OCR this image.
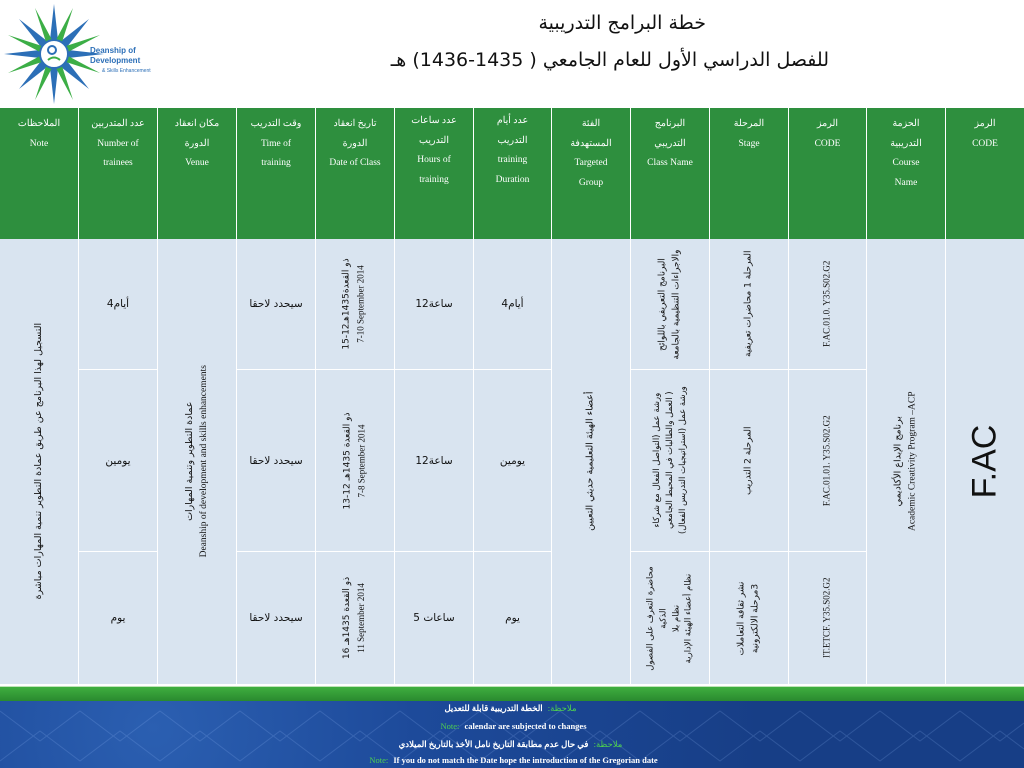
Deanship of Development
& Skills Enhancement
خطة البرامج التدريبية
للفصل الدراسي الأول للعام الجامعي ( 1435-1436) هـ
الملاحظات
Note
عدد المتدربين
Number of trainees
مكان انعقاد الدورة
Venue
وقت التدريب
Time of training
تاريخ انعقاد الدورة
Date of Class
عدد ساعات التدريب
Hours of training
عدد أيام التدريب
training Duration
الفئة المستهدفة
Targeted Group
البرنامج التدريبي
Class Name
المرحلة
Stage
الرمز
CODE
الحزمة التدريبية
Course Name
الرمز
CODE
التسجيل لهذا البرنامج عن طريق عمادة التطوير تنمية المهارات مباشرة
4أيام
يومين
يوم
عمادة التطوير وتنمية المهارات Deanship of development and skills enhancements
سيحدد لاحقا
سيحدد لاحقا
سيحدد لاحقا
15-12ذو القعدة1435هـ 7-10 September 2014
13-12 ذو القعدة 1435هـ 7-8 September 2014
16 ذو القعدة 1435هـ 11 September 2014
12ساعة
12ساعة
5 ساعات
4أيام
يومين
يوم
أعضاء الهيئة التعليمية حديثي التعيين
البرنامج التعريفي باللوائح والاجراءات التنظيمية بالجامعة
ورشة عمل (التواصل الفعال مع شركاء العمل والطالبات في المحيط الجامعي ) ورشة عمل (استراتيجيات التدريس الفعال)
محاضرة التعرف على الفصول الذكية نظام بلا نظام أعضاء الهيئة الإدارية
المرحلة 1 محاضرات تعريفية
المرحلة 2 التدريب
نشر ثقافة التعاملات 3مرحلة الالكترونية
F.AC.01.0. Y35.S02.G2
F.AC.01.01. Y35.S02.G2
IT.ETCF. Y35.S02.G2
برنامج الإبداع الأكاديمي Academic Creativity Program –ACP F.AC
ملاحظة: الخطة التدريبية قابلة للتعديل
Note: calendar are subjected to changes
ملاحظة: في حال عدم مطابقة التاريخ نامل الأخذ بالتاريخ الميلادي
Note: If you do not match the Date hope the introduction of the Gregorian date
